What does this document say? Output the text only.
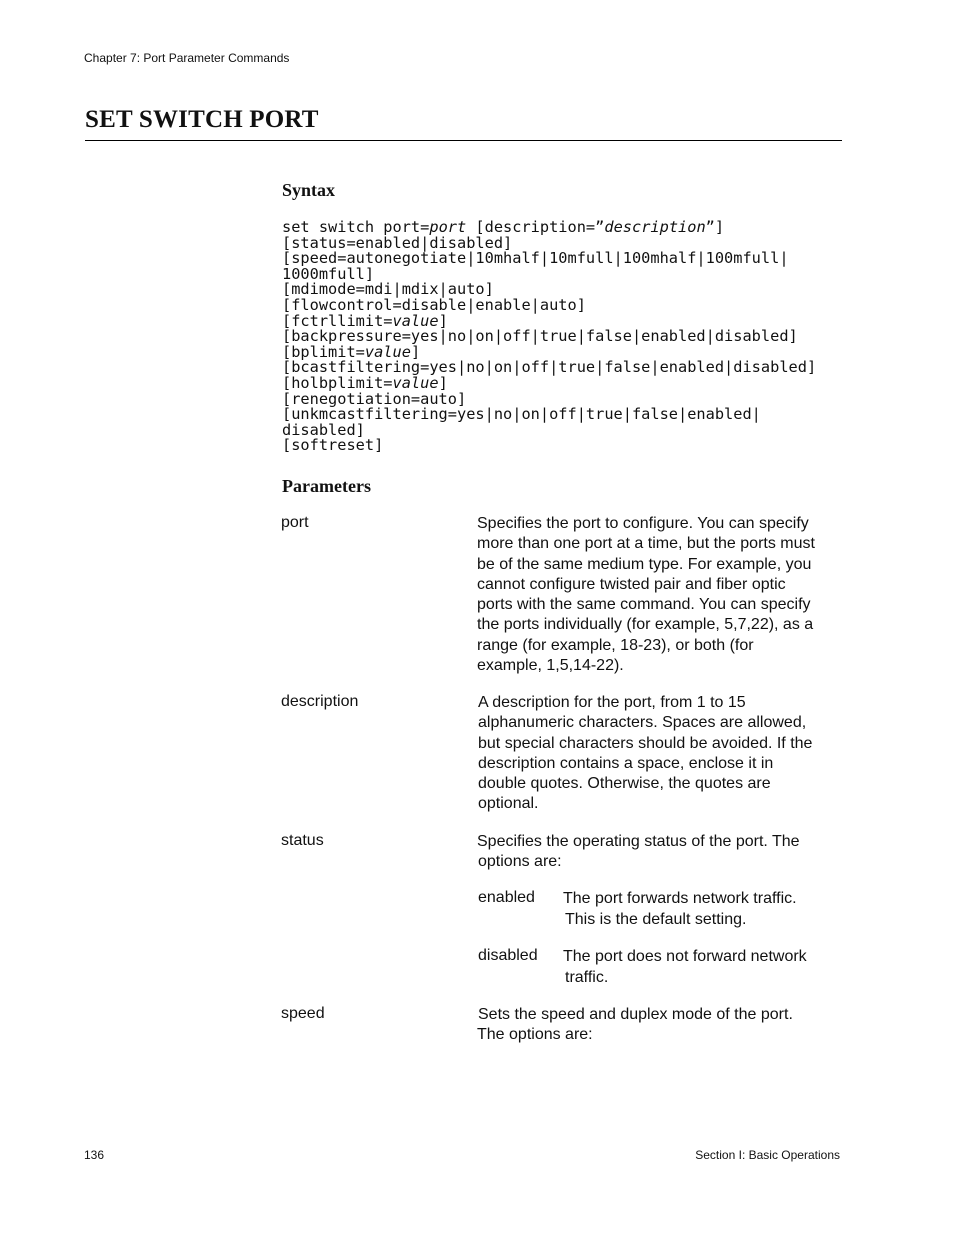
Chapter 7: Port Parameter Commands
SET SWITCH PORT
Syntax
set switch port=port [description=”description”]
[status=enabled|disabled]
[speed=autonegotiate|10mhalf|10mfull|100mhalf|100mfull|
1000mfull]
[mdimode=mdi|mdix|auto]
[flowcontrol=disable|enable|auto]
[fctrllimit=value]
[backpressure=yes|no|on|off|true|false|enabled|disabled]
[bplimit=value]
[bcastfiltering=yes|no|on|off|true|false|enabled|disabled]
[holbplimit=value]
[renegotiation=auto]
[unkmcastfiltering=yes|no|on|off|true|false|enabled|
disabled]
[softreset]
Parameters
port	Specifies the port to configure. You can specify
more than one port at a time, but the ports must
be of the same medium type. For example, you
cannot configure twisted pair and fiber optic
ports with the same command. You can specify
the ports individually (for example, 5,7,22), as a
range (for example, 18-23), or both (for
example, 1,5,14-22).
description	A description for the port, from 1 to 15
alphanumeric characters. Spaces are allowed,
but special characters should be avoided. If the
description contains a space, enclose it in
double quotes. Otherwise, the quotes are
optional.
status	Specifies the operating status of the port. The
options are:
enabled The port forwards network traffic.
This is the default setting.
disabled The port does not forward network
traffic.
speed	Sets the speed and duplex mode of the port.
The options are:
136	Section I: Basic Operations
